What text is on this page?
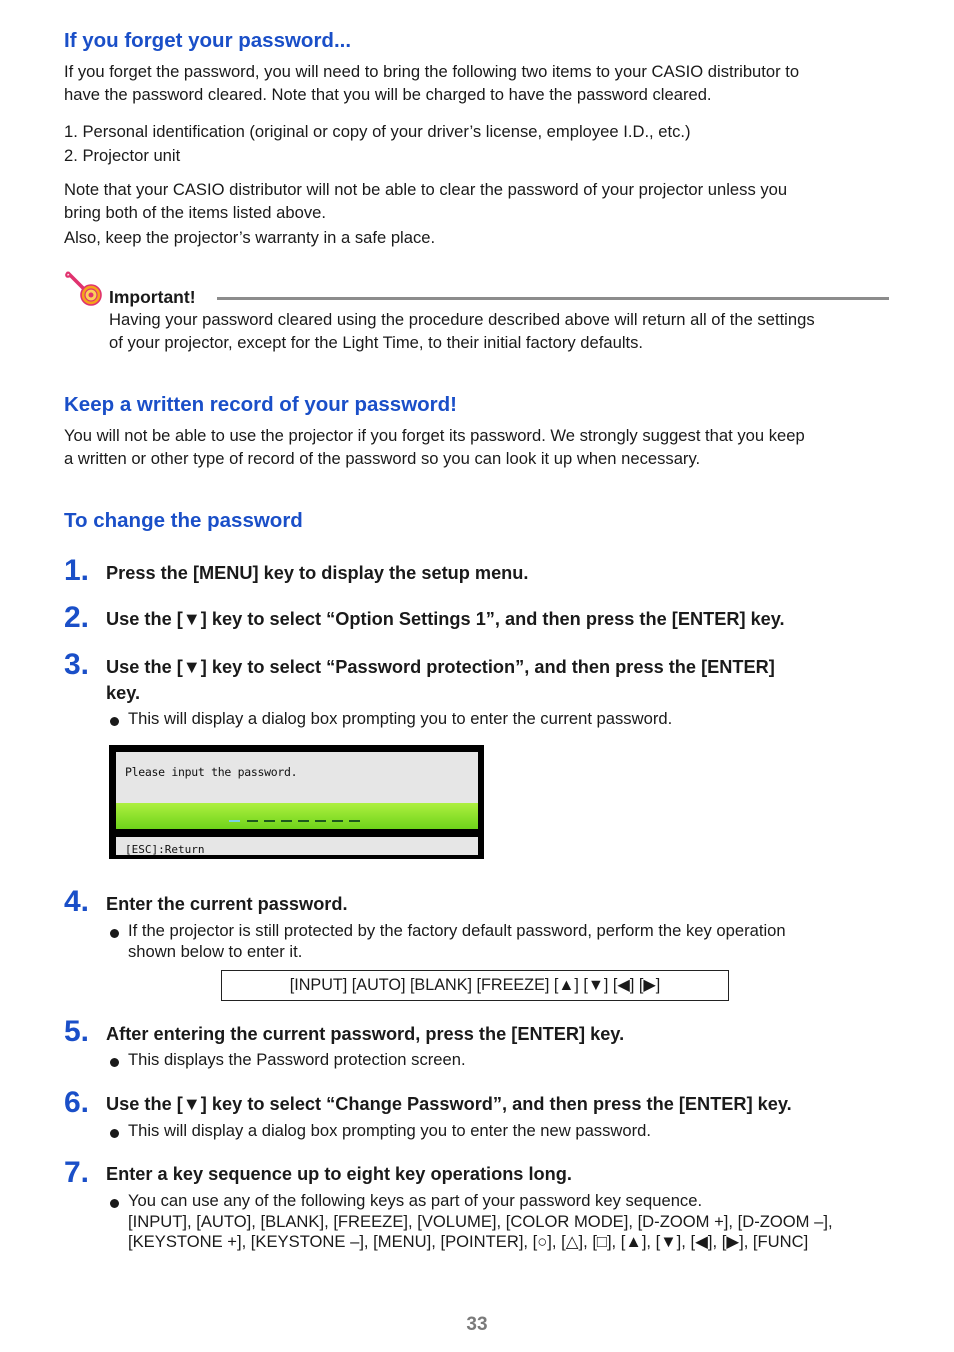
If you forget your password...

If you forget the password, you will need to bring the following two items to your CASIO distributor to

have the password cleared. Note that you will be charged to have the password cleared.

1. Personal identification (original or copy of your driver’s license, employee I.D., etc.)
2. Projector unit

Note that your CASIO distributor will not be able to clear the password of your projector unless you

bring both of the items listed above.

Also, keep the projector’s warranty in a safe place.

Important!
Having your password cleared using the procedure described above will return all of the settings
of your projector, except for the Light Time, to their initial factory defaults.
Keep a written record of your password!

You will not be able to use the projector if you forget its password. We strongly suggest that you keep

a written or other type of record of the password so you can look it up when necessary.

To change the password
1. Press the [MENU] key to display the setup menu.
2. Use the [▼] key to select “Option Settings 1”, and then press the [ENTER] key.
3. Use the [▼] key to select “Password protection”, and then press the [ENTER]
key.
This will display a dialog box prompting you to enter the current password.
Please input the password.
[ESC]:Return
4. Enter the current password.
If the projector is still protected by the factory default password, perform the key operation
shown below to enter it.
[INPUT] [AUTO] [BLANK] [FREEZE] [▲] [▼] [◀] [▶]
5. After entering the current password, press the [ENTER] key.
This displays the Password protection screen.
6. Use the [▼] key to select “Change Password”, and then press the [ENTER] key.
This will display a dialog box prompting you to enter the new password.
7. Enter a key sequence up to eight key operations long.
You can use any of the following keys as part of your password key sequence.
[INPUT], [AUTO], [BLANK], [FREEZE], [VOLUME], [COLOR MODE], [D-ZOOM +], [D-ZOOM –],
[KEYSTONE +], [KEYSTONE –], [MENU], [POINTER], [○], [△], [□], [▲], [▼], [◀], [▶], [FUNC]
33
